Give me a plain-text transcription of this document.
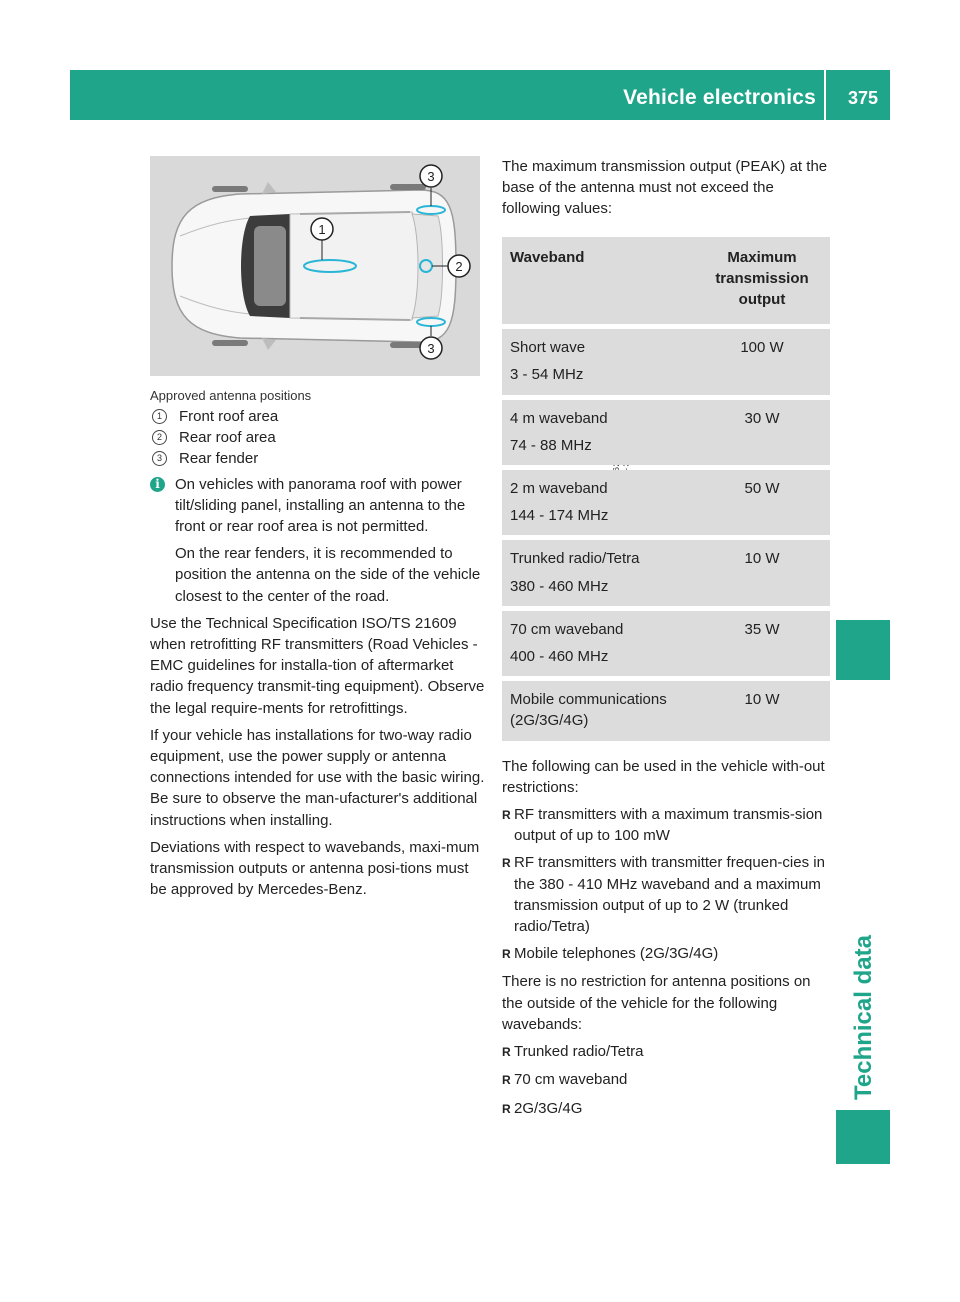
Vehicle electronics 375
Technical data
1
2
3
3

Approved antenna positions

1	Front roof area
2	Rear roof area
3	Rear fender
i	On vehicles with panorama roof with power tilt/sliding panel, installing an antenna to the front or rear roof area is not permitted.

On the rear fenders, it is recommended to position the antenna on the side of the vehicle closest to the center of the road.

Use the Technical Specification ISO/TS 21609 when retrofitting RF transmitters (Road Vehicles - EMC guidelines for installa-tion of aftermarket radio frequency transmit-ting equipment). Observe the legal require-ments for retrofittings.

If your vehicle has installations for two-way radio equipment, use the power supply or antenna connections intended for use with the basic wiring. Be sure to observe the man-ufacturer's additional instructions when installing.

Deviations with respect to wavebands, maxi-mum transmission outputs or antenna posi-tions must be approved by Mercedes-Benz.

The maximum transmission output (PEAK) at the base of the antenna must not exceed the following values:

Waveband	Maximum transmission output

Short wave
3 - 54 MHz	100 W

4 m waveband
74 - 88 MHz	30 W

2 m waveband
144 - 174 MHz	50 W

Trunked radio/Tetra
380 - 460 MHz	10 W

70 cm waveband
400 - 460 MHz	35 W

Mobile communications
(2G/3G/4G)	10 W

The following can be used in the vehicle with-out restrictions:

R RF transmitters with a maximum transmis-sion output of up to 100 mW
R RF transmitters with transmitter frequen-cies in the 380 - 410 MHz waveband and a maximum transmission output of up to 2 W (trunked radio/Tetra)
R Mobile telephones (2G/3G/4G)

There is no restriction for antenna positions on the outside of the vehicle for the following wavebands:

R Trunked radio/Tetra
R 70 cm waveband
R 2G/3G/4G
